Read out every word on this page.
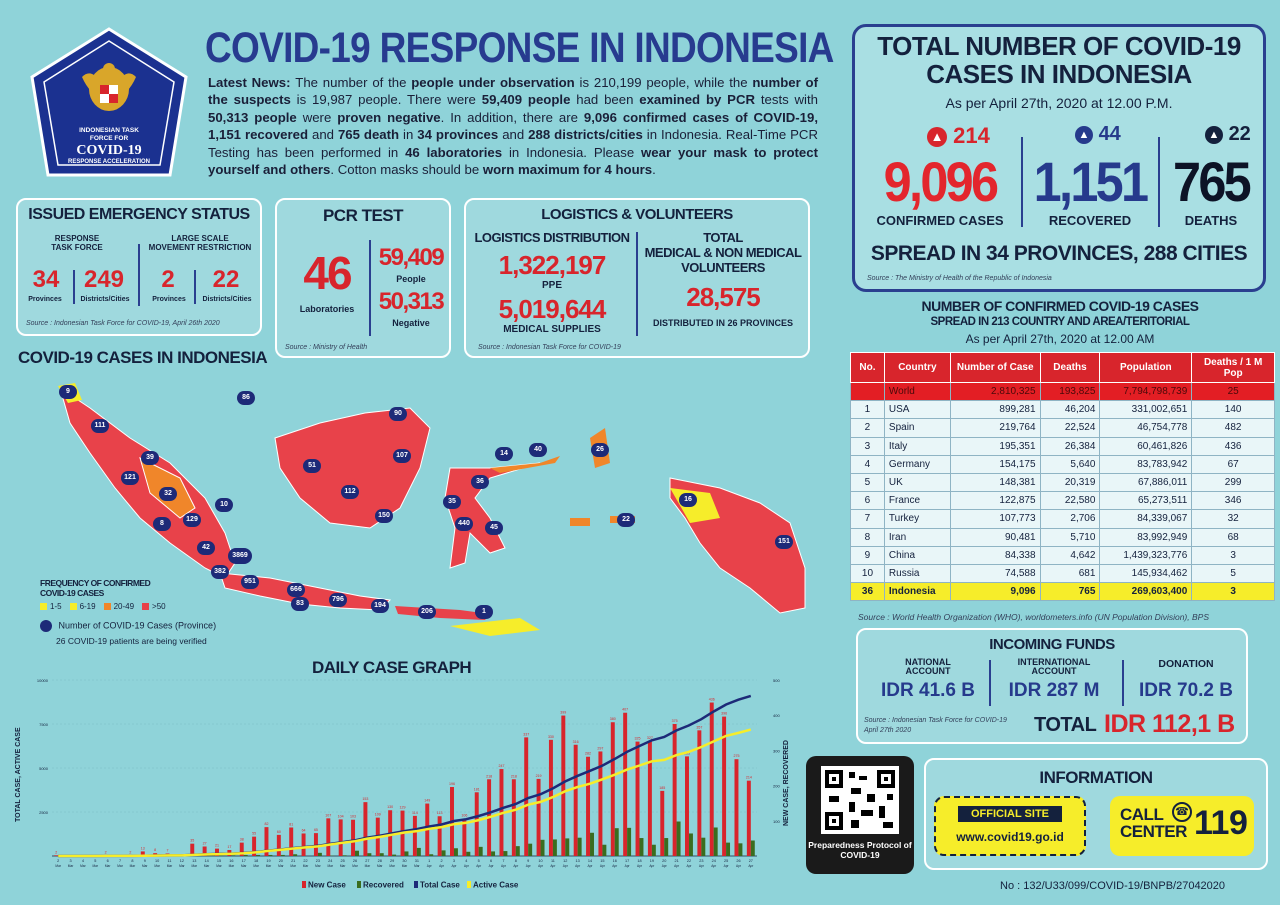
INDONESIAN TASK
FORCE FOR
COVID-19
RESPONSE ACCELERATION
COVID-19 RESPONSE IN INDONESIA
Latest News: The number of the people under observation is 210,199 people, while the number of the suspects is 19,987 people. There were 59,409 people had been examined by PCR tests with 50,313 people were proven negative. In addition, there are 9,096 confirmed cases of COVID-19, 1,151 recovered and 765 death in 34 provinces and 288 districts/cities in Indonesia. Real-Time PCR Testing has been performed in 46 laboratories in Indonesia. Please wear your mask to protect yourself and others. Cotton masks should be worn maximum for 4 hours.
TOTAL NUMBER OF COVID-19
CASES IN INDONESIA
As per April 27th, 2020 at 12.00 P.M.
▲ 214
9,096
CONFIRMED CASES
▲ 44
1,151
RECOVERED
▲ 22
765
DEATHS
SPREAD IN 34 PROVINCES, 288 CITIES
Source : The Ministry of Health of the Republic of Indonesia
ISSUED EMERGENCY STATUS
RESPONSE
TASK FORCE
LARGE SCALE
MOVEMENT RESTRICTION
34
Provinces
249
Districts/Cities
2
Provinces
22
Districts/Cities
Source : Indonesian Task Force for COVID-19, April 26th 2020
PCR TEST
46
Laboratories
59,409
People
50,313
Negative
Source : Ministry of Health
LOGISTICS & VOLUNTEERS
LOGISTICS DISTRIBUTION
1,322,197
PPE
5,019,644
MEDICAL SUPPLIES
TOTAL
MEDICAL & NON MEDICAL
VOLUNTEERS
28,575
DISTRIBUTED IN 26 PROVINCES
Source : Indonesian Task Force for COVID-19
COVID-19 CASES IN INDONESIA
9
111
39
121
32
8
129
10
42
3869
382
951
666
83
796
194
206	1
86
90
107
51
112
150
36
440
45
35
14
40	26
16
22
151
FREQUENCY OF CONFIRMED
COVID-19 CASES
1-5 6-19 20-49 >50
Number of COVID-19 Cases (Province)
26 COVID-19 patients are being verified
DAILY CASE GRAPH
10000
7500
5000
2500
500
400
300
200
100
TOTAL CASE, ACTIVE CASE	NEW CASE, RECOVERED
2
2
Mar
3
Mar
4
Mar
5
Mar
2
6
Mar
7
Mar
2
8
Mar
13
9
Mar
8
10
Mar
7
11
Mar
12
Mar
35
13
Mar
27
14
Mar
21
15
Mar
17
16
Mar
38
17
Mar
55
18
Mar
82
19
Mar
60
20
Mar
81
21
Mar
64
22
Mar
65
23
Mar
107
24
Mar
104
25
Mar
103
26
Mar
153
27
Mar
109
28
Mar
130
29
Mar
129
30
Mar
114
31
Mar
149
1
Apr
113
2
Apr
196
3
Apr
106
4
Apr
181
5
Apr
218
6
Apr
247
7
Apr
218
8
Apr
337
9
Apr
219
10
Apr
330
11
Apr
399
12
Apr
316
13
Apr
282
14
Apr
297
15
Apr
380
16
Apr
407
17
Apr
325
18
Apr
327
19
Apr
185
20
Apr
375
21
Apr
283
22
Apr
357
23
Apr
436
24
Apr
396
25
Apr
275
26
Apr
214
27
Apr
New Case Recovered Total Case Active Case
NUMBER OF CONFIRMED COVID-19 CASES
SPREAD IN 213 COUNTRY AND AREA/TERITORIAL
As per April 27th, 2020 at 12.00 AM
No.	Country	Number of Case	Deaths	Population	Deaths / 1 M Pop
	World	2,810,325	193,825	7,794,798,739	25
1	USA	899,281	46,204	331,002,651	140
2	Spain	219,764	22,524	46,754,778	482
3	Italy	195,351	26,384	60,461,826	436
4	Germany	154,175	5,640	83,783,942	67
5	UK	148,381	20,319	67,886,011	299
6	France	122,875	22,580	65,273,511	346
7	Turkey	107,773	2,706	84,339,067	32
8	Iran	90,481	5,710	83,992,949	68
9	China	84,338	4,642	1,439,323,776	3
10	Russia	74,588	681	145,934,462	5
36	Indonesia	9,096	765	269,603,400	3
Source : World Health Organization (WHO), worldometers.info (UN Population Division), BPS
INCOMING FUNDS
NATIONAL
ACCOUNT
IDR 41.6 B
INTERNATIONAL
ACCOUNT
IDR 287 M
DONATION
IDR 70.2 B
Source : Indonesian Task Force for COVID-19
April 27th 2020	TOTAL IDR 112,1 B
Preparedness Protocol of
COVID-19
INFORMATION
OFFICIAL SITE
www.covid19.go.id
CALL
CENTER
☎ 119
No : 132/U33/099/COVID-19/BNPB/27042020
